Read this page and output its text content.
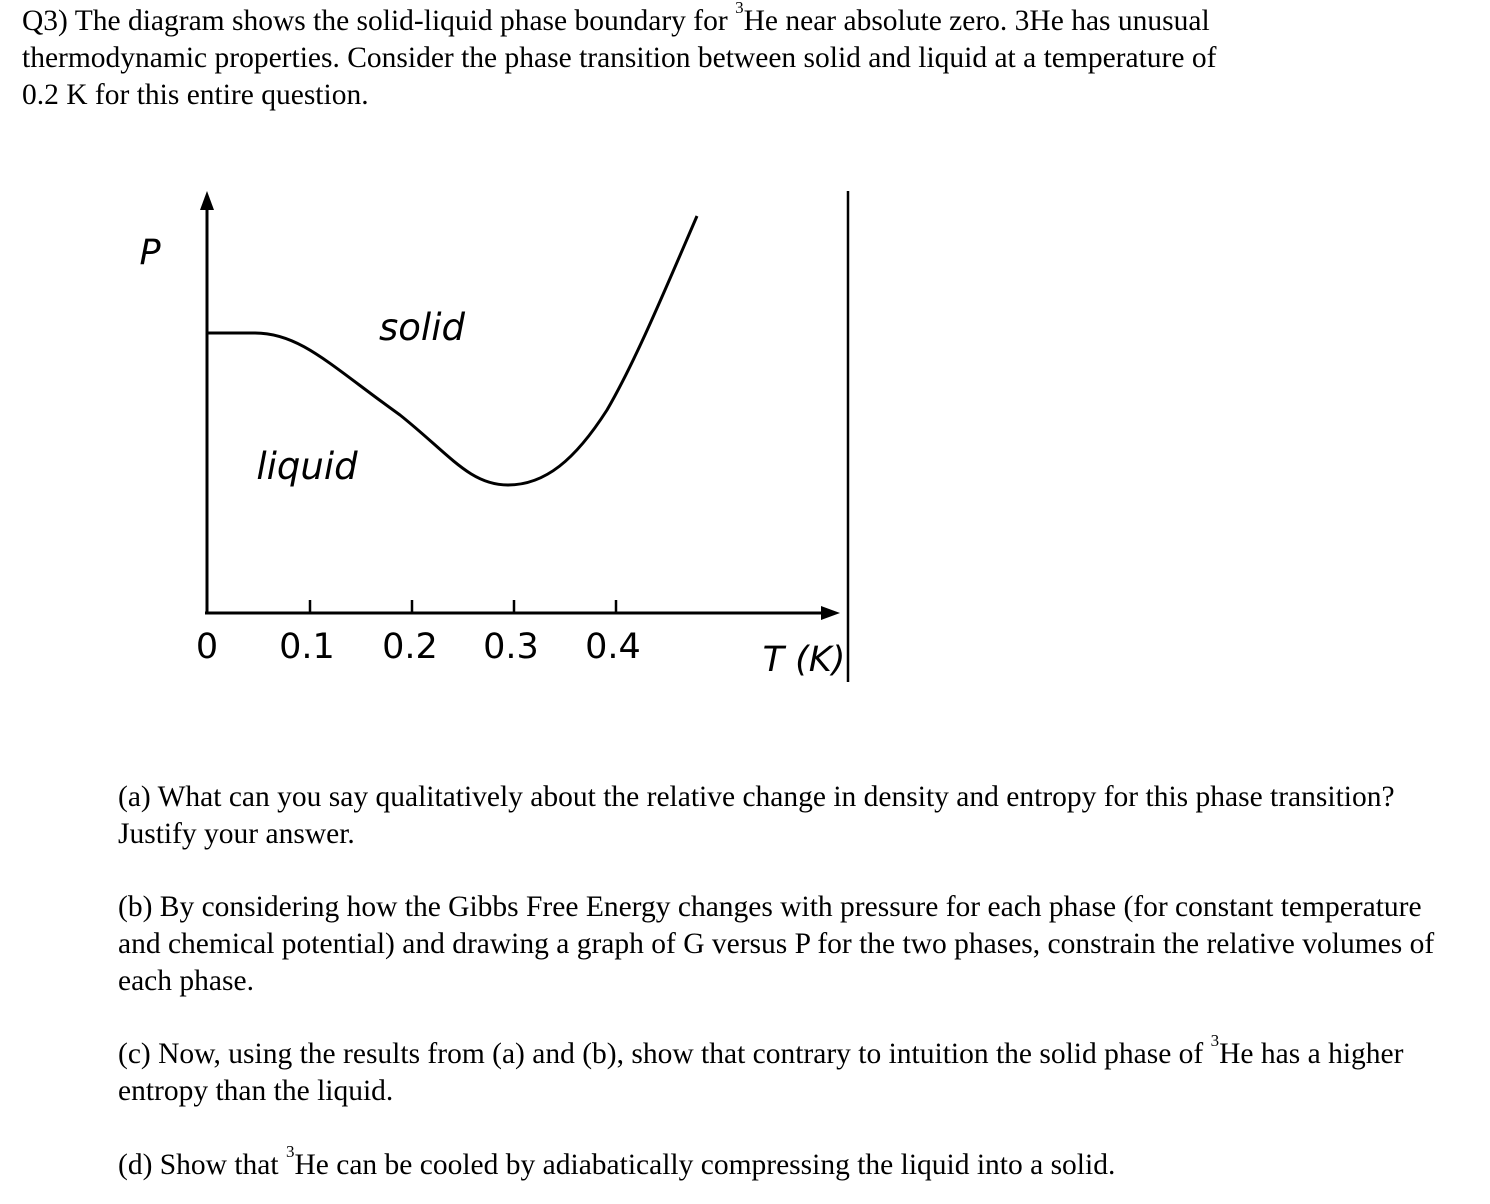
Q3) The diagram shows the solid-liquid phase boundary for $^3$He near absolute zero. 3He has unusual thermodynamic properties. Consider the phase transition between solid and liquid at a temperature of 0.2 K for this entire question.

P
solid
liquid
0 0.1 0.2 0.3 0.4	T (K)

(a) What can you say qualitatively about the relative change in density and entropy for this phase transition? Justify your answer.

(b) By considering how the Gibbs Free Energy changes with pressure for each phase (for constant temperature and chemical potential) and drawing a graph of G versus P for the two phases, constrain the relative volumes of each phase.

(c) Now, using the results from (a) and (b), show that contrary to intuition the solid phase of $^3$He has a higher entropy than the liquid.

(d) Show that $^3$He can be cooled by adiabatically compressing the liquid into a solid.
